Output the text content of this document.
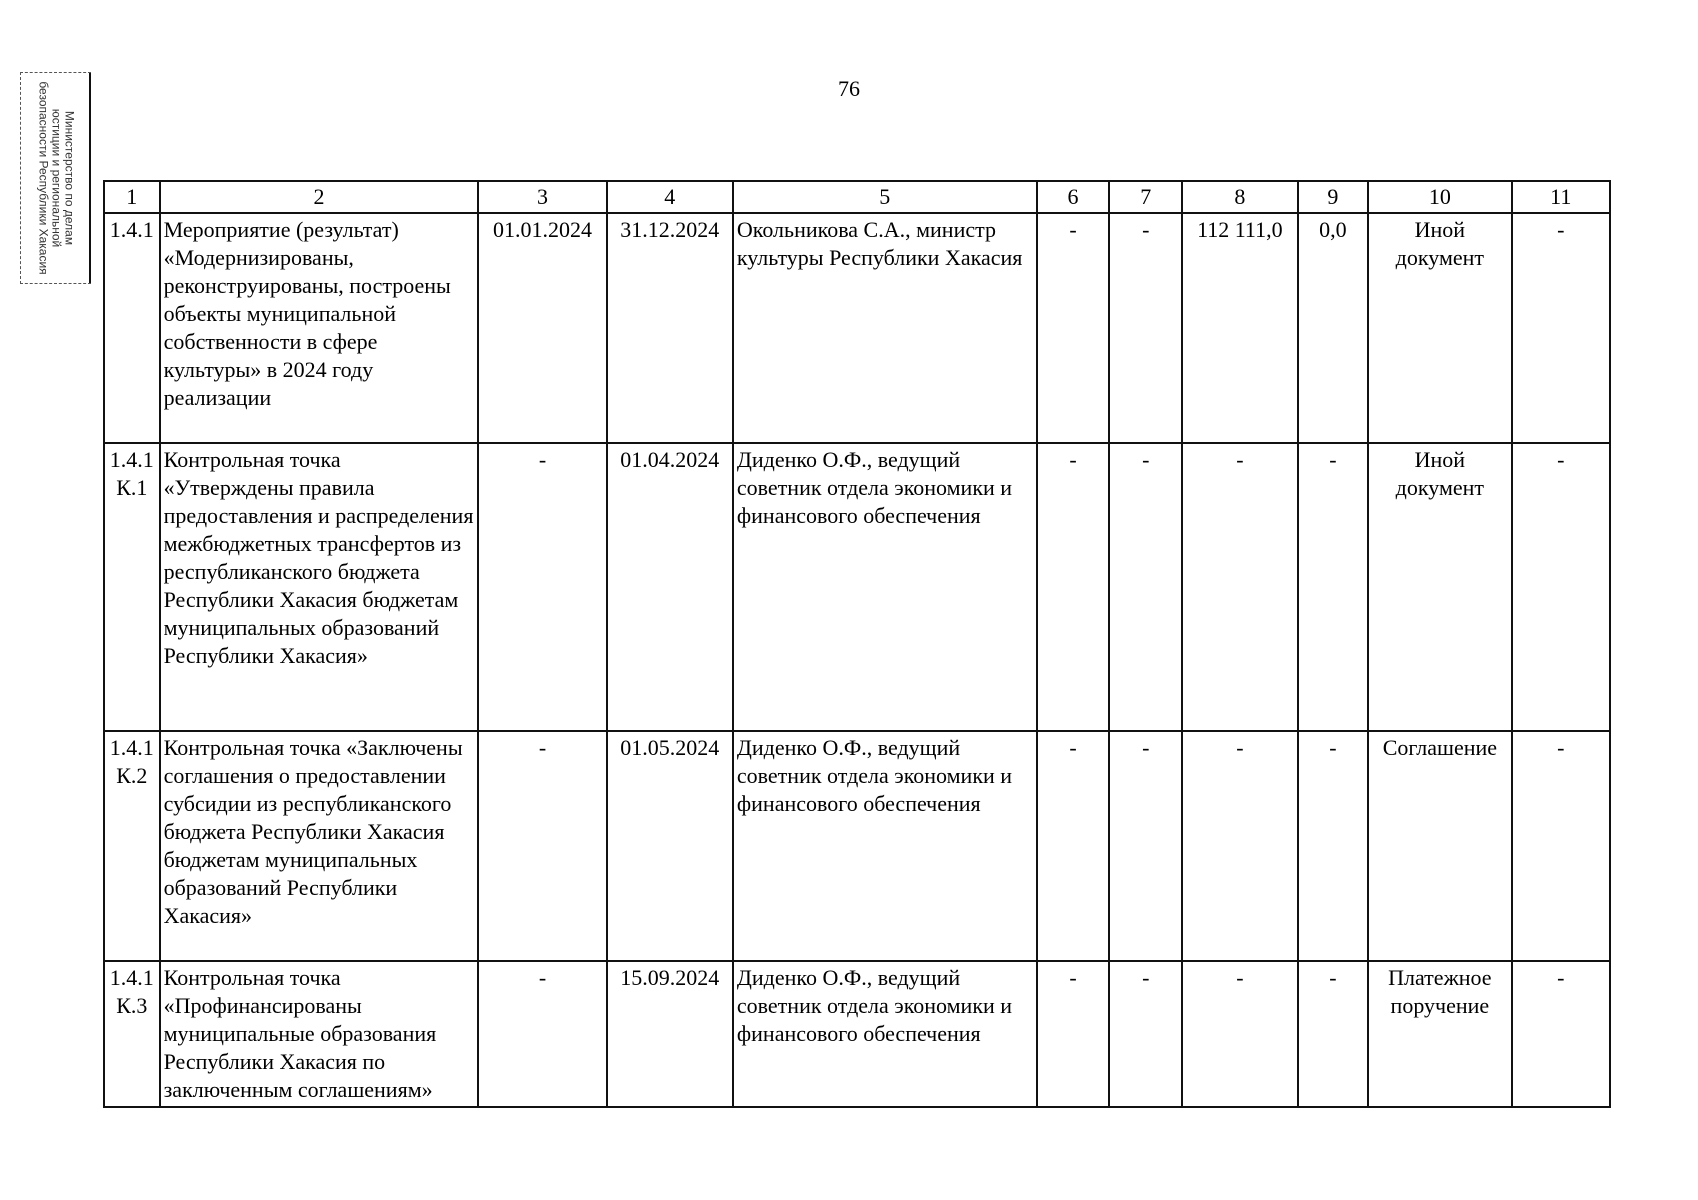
76
Министерство по делам
юстиции и региональной
безопасности Республики Хакасия	1	2	3	4	5	6	7	8	9	10	11
1.4.1	Мероприятие (результат) «Модернизированы, реконструированы, построены объекты муниципальной собственности в сфере культуры» в 2024 году реализации	01.01.2024	31.12.2024	Окольникова С.А., министр культуры Республики Хакасия	-	-	112 111,0	0,0	Иной документ	-
1.4.1 К.1	Контрольная точка «Утверждены правила предоставления и распределения межбюджетных трансфертов из республиканского бюджета Республики Хакасия бюджетам муниципальных образований Республики Хакасия»	-	01.04.2024	Диденко О.Ф., ведущий советник отдела экономики и финансового обеспечения	-	-	-	-	Иной документ	-
1.4.1 К.2	Контрольная точка «Заключены соглашения о предоставлении субсидии из республиканского бюджета Республики Хакасия бюджетам муниципальных образований Республики Хакасия»	-	01.05.2024	Диденко О.Ф., ведущий советник отдела экономики и финансового обеспечения	-	-	-	-	Соглашение	-
1.4.1 К.3	Контрольная точка «Профинансированы муниципальные образования Республики Хакасия по заключенным соглашениям»	-	15.09.2024	Диденко О.Ф., ведущий советник отдела экономики и финансового обеспечения	-	-	-	-	Платежное поручение	-
